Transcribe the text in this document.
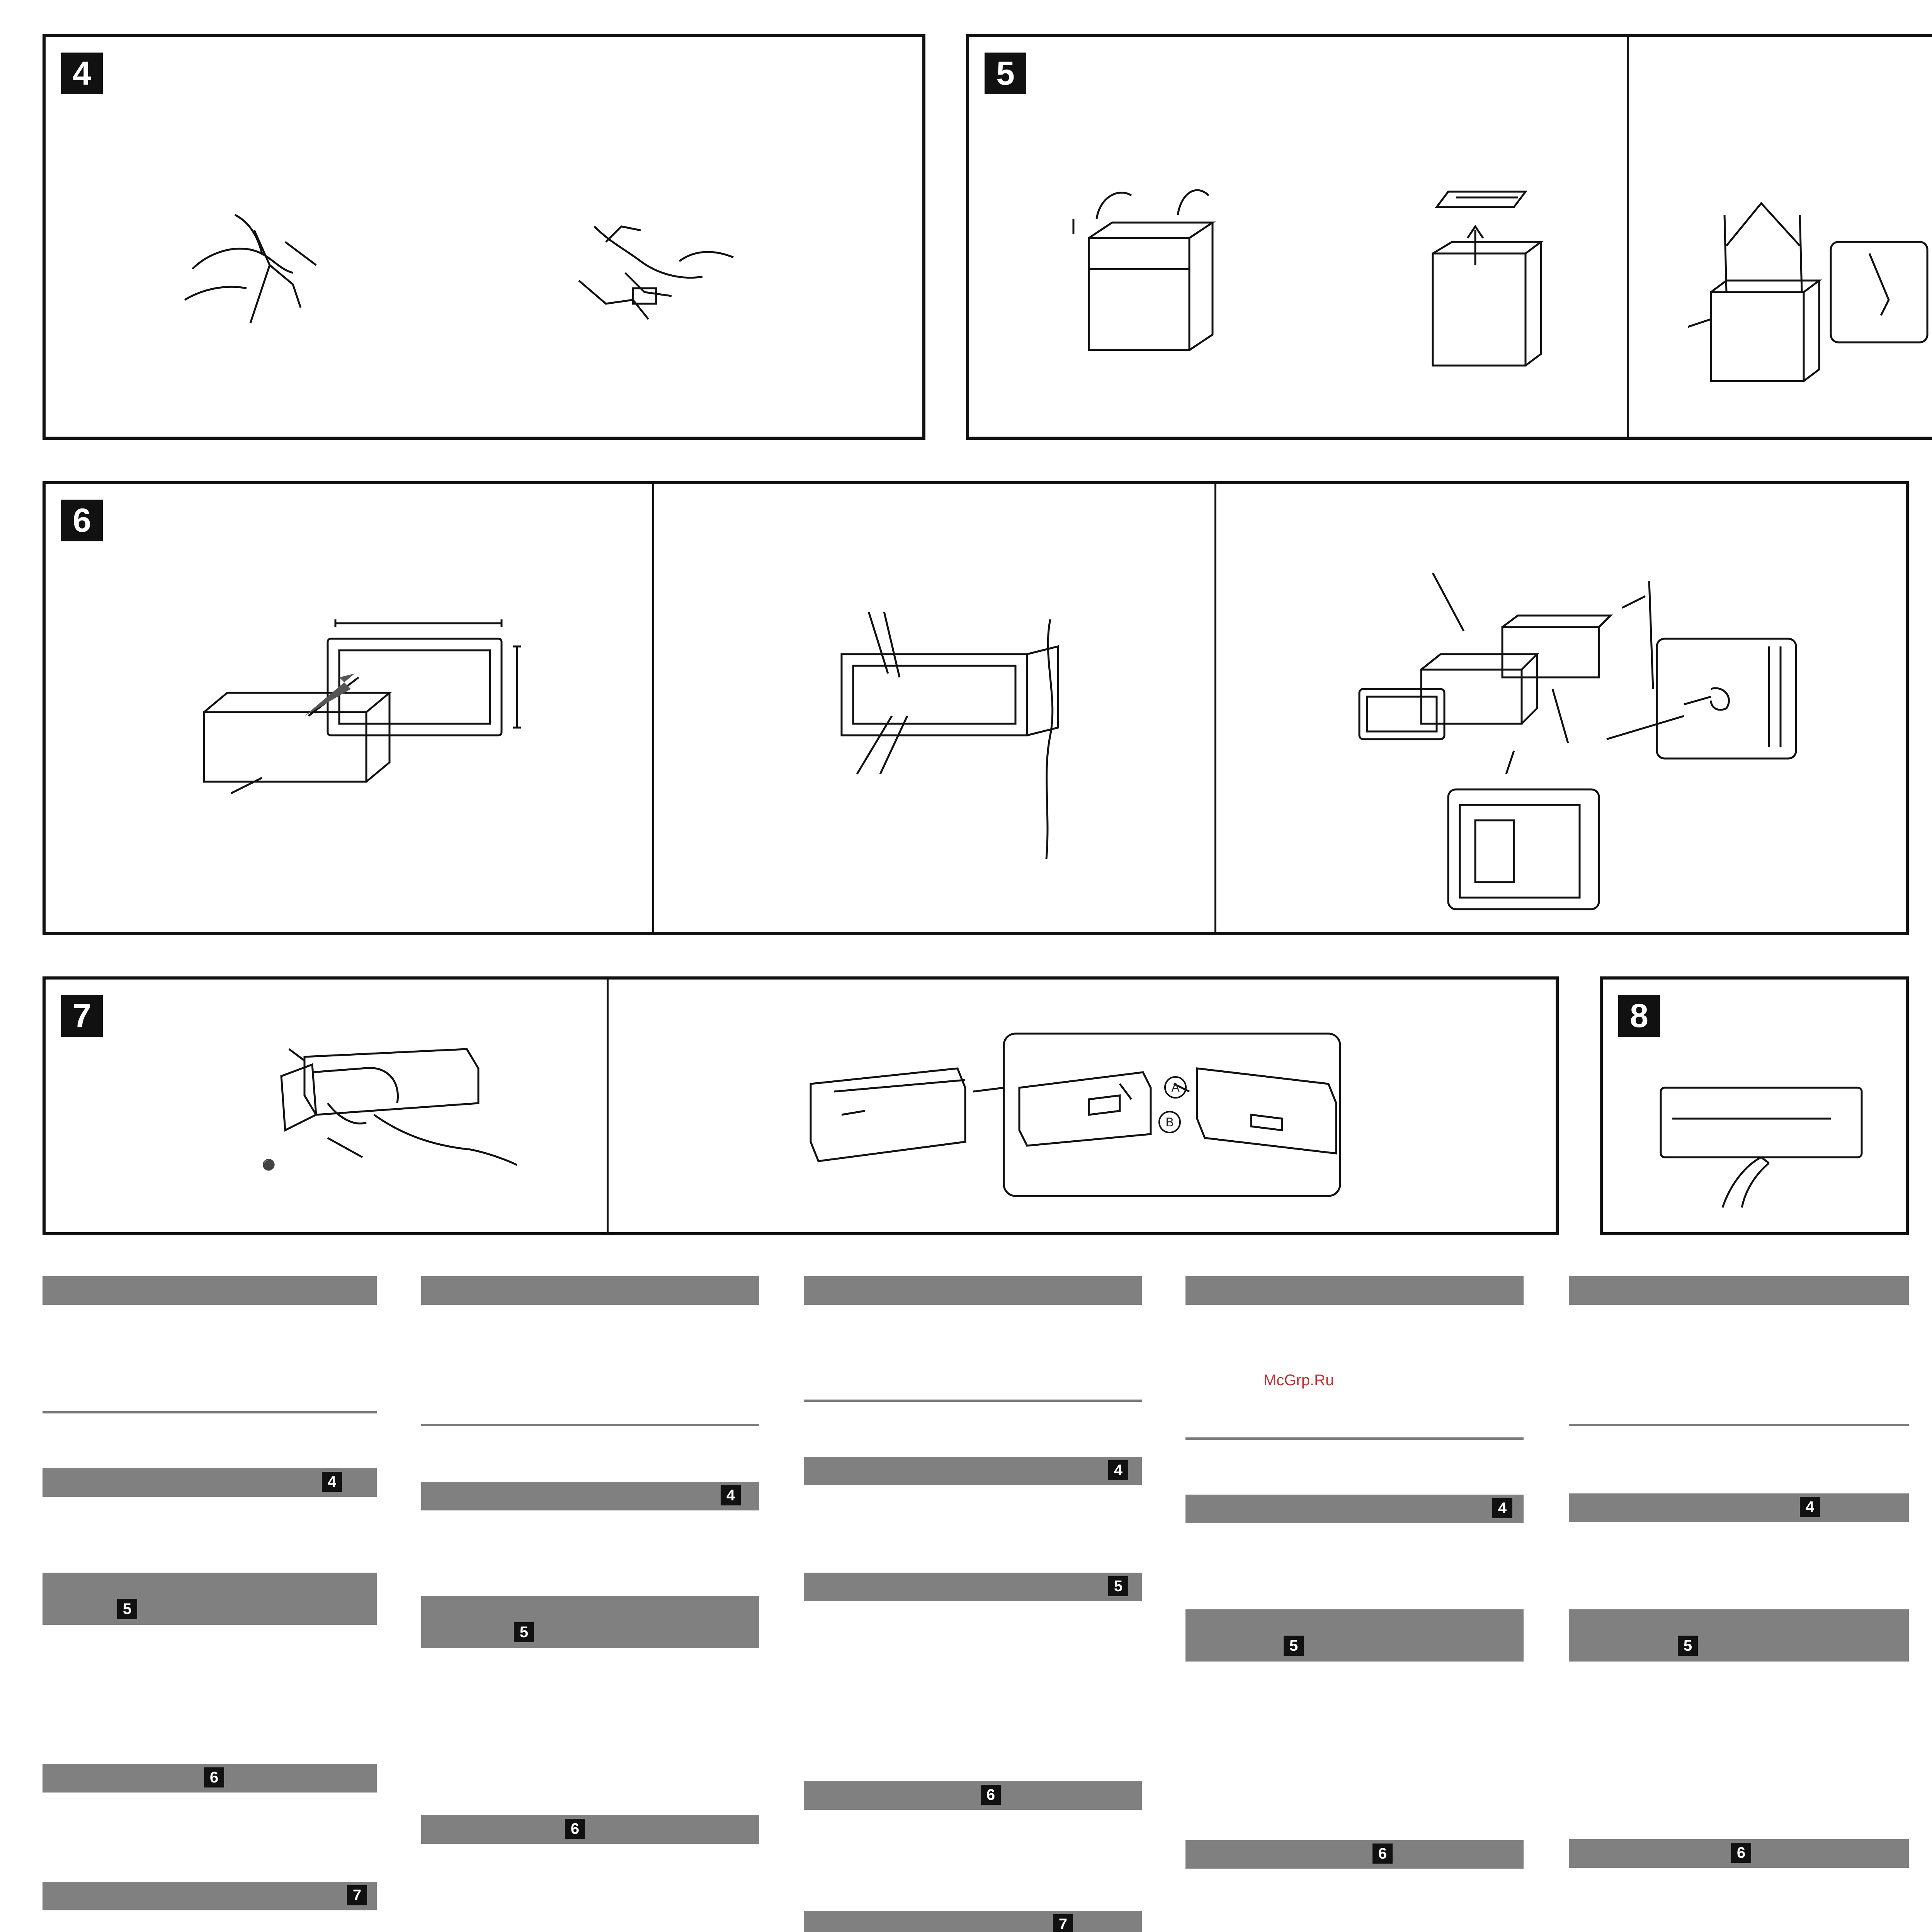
4	5
6
7
⚫
A
B
8
4
5
6
7
4
5
6
4
5
6
7
McGrp.Ru
4
5
6
4
5
6
